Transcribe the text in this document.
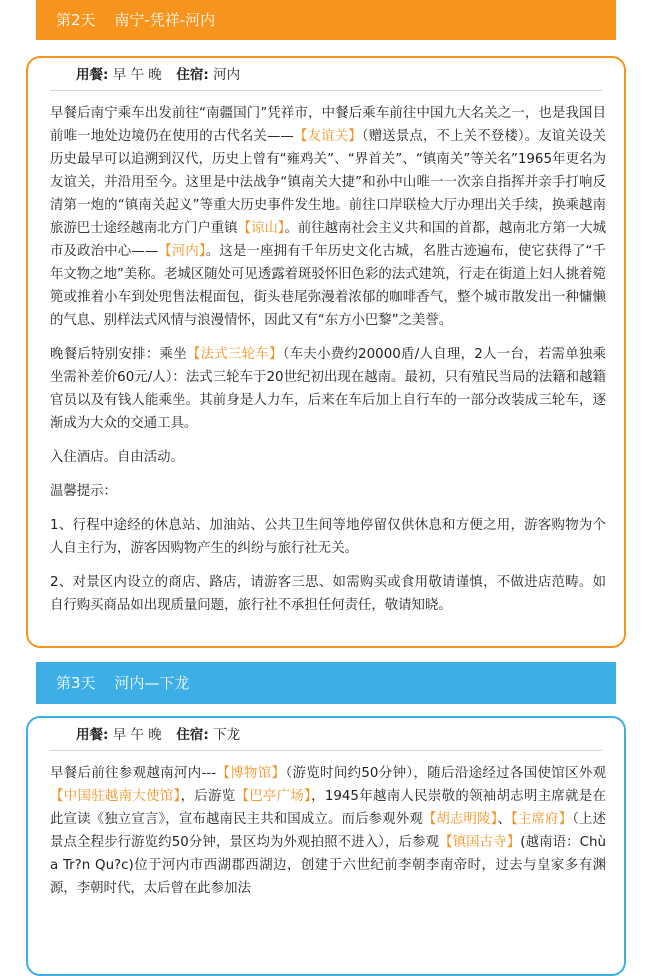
第2天 南宁-凭祥-河内
用餐: 早 午 晚 住宿: 河内

早餐后南宁乘车出发前往“南疆国门”凭祥市，中餐后乘车前往中国九大名关之一，也是我国目前唯一地处边境仍在使用的古代名关——【友谊关】（赠送景点，不上关不登楼）。友谊关设关历史最早可以追溯到汉代，历史上曾有“雍鸡关”、“界首关”、“镇南关”等关名”1965年更名为友谊关，并沿用至今。这里是中法战争“镇南关大捷”和孙中山唯一一次亲自指挥并亲手打响反清第一炮的“镇南关起义”等重大历史事件发生地。前往口岸联检大厅办理出关手续，换乘越南旅游巴士途经越南北方门户重镇【谅山】。前往越南社会主义共和国的首都，越南北方第一大城市及政治中心——【河内】。这是一座拥有千年历史文化古城，名胜古迹遍布，使它获得了“千年文物之地”美称。老城区随处可见透露着斑驳怀旧色彩的法式建筑，行走在街道上妇人挑着箢篼或推着小车到处兜售法棍面包，街头巷尾弥漫着浓郁的咖啡香气，整个城市散发出一种慵懒的气息、别样法式风情与浪漫情怀，因此又有“东方小巴黎”之美誉。

晚餐后特别安排：乘坐【法式三轮车】（车夫小费约20000盾/人自理，2人一台，若需单独乘坐需补差价60元/人）：法式三轮车于20世纪初出现在越南。最初，只有殖民当局的法籍和越籍官员以及有钱人能乘坐。其前身是人力车，后来在车后加上自行车的一部分改装成三轮车，逐渐成为大众的交通工具。

入住酒店。自由活动。

温馨提示：

1、行程中途经的休息站、加油站、公共卫生间等地停留仅供休息和方便之用，游客购物为个人自主行为，游客因购物产生的纠纷与旅行社无关。

2、对景区内设立的商店、路店，请游客三思、如需购买或食用敬请谨慎，不做进店范畴。如自行购买商品如出现质量问题，旅行社不承担任何责任，敬请知晓。

第3天 河内—下龙
用餐: 早 午 晚 住宿: 下龙

早餐后前往参观越南河内---【博物馆】（游览时间约50分钟），随后沿途经过各国使馆区外观【中国驻越南大使馆】，后游览【巴亭广场】，1945年越南人民崇敬的领袖胡志明主席就是在此宣读《独立宣言》，宣布越南民主共和国成立。而后参观外观【胡志明陵】、【主席府】（上述景点全程步行游览约50分钟，景区均为外观拍照不进入），后参观【镇国古寺】(越南语：Chùa Tr?n Qu?c)位于河内市西湖郡西湖边，创建于六世纪前李朝李南帝时，过去与皇家多有渊源，李朝时代，太后曾在此参加法
